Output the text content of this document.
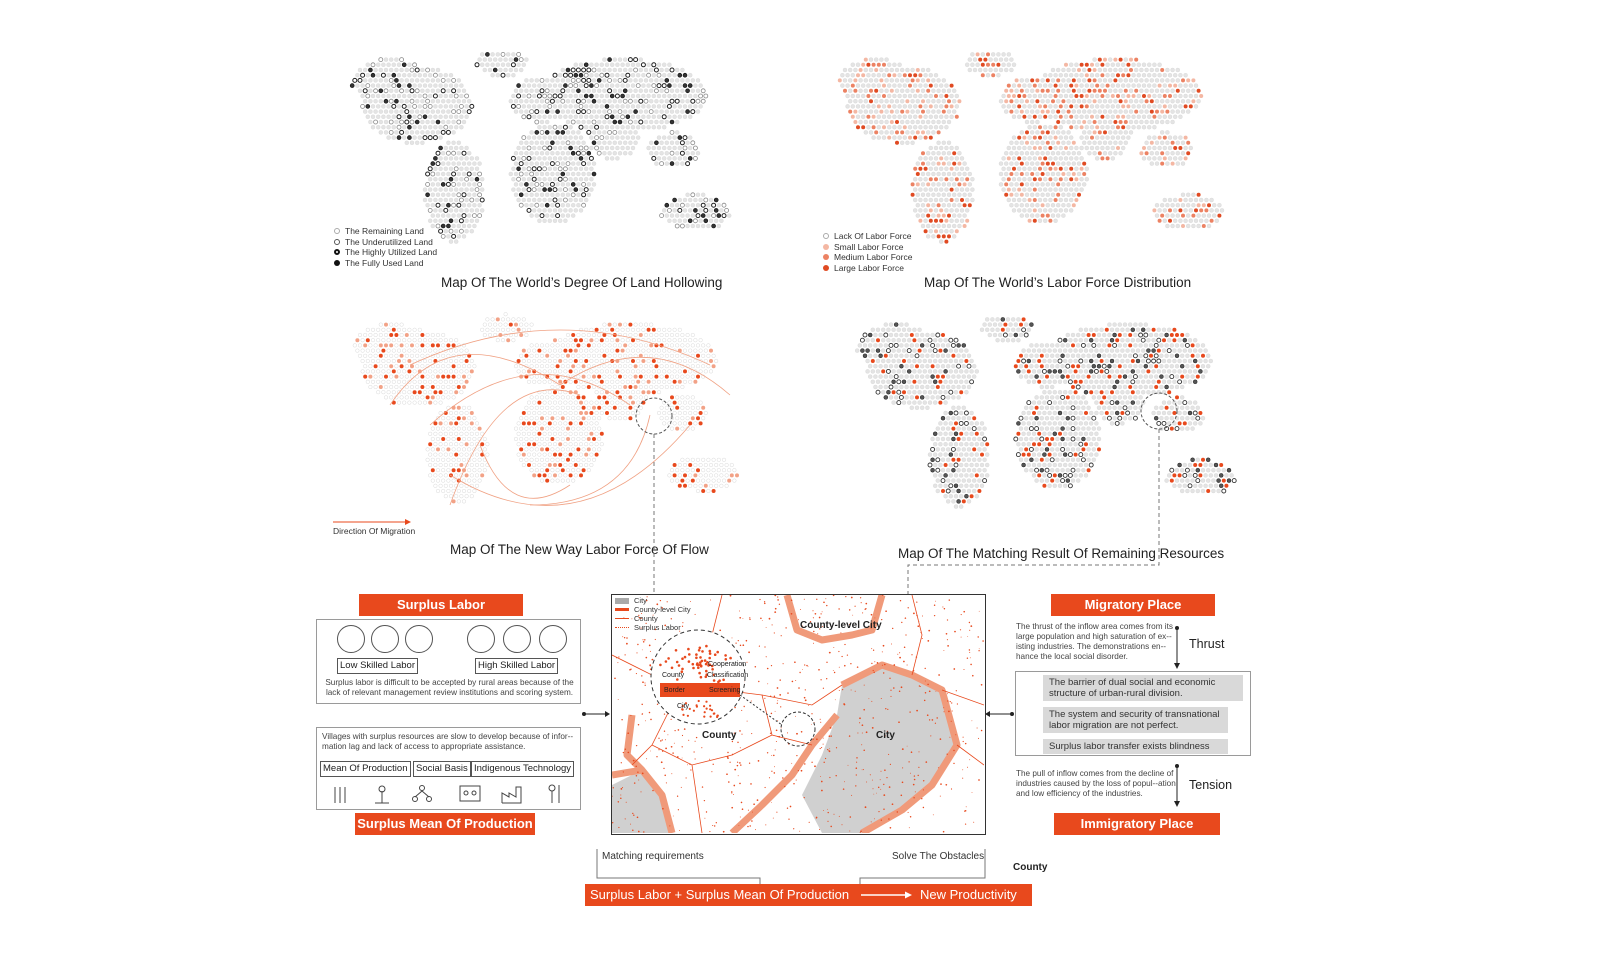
The Remaining Land
The Underutilized Land
The Highly Utilized Land
The Fully Used Land
Map Of The World’s Degree Of Land Hollowing
Lack Of Labor Force
Small Labor Force
Medium Labor Force
Large Labor Force
Map Of The World’s Labor Force Distribution
Direction Of Migration
Map Of The New Way Labor Force Of Flow	Map Of The Matching Result Of Remaining Resources
Surplus Labor
Low Skilled Labor	High Skilled Labor
Surplus labor is difficult to be accepted by rural areas because of the lack of relevant management review institutions and scoring system.
Villages with surplus resources are slow to develop because of infor--mation lag and lack of access to appropriate assistance.
Mean Of Production Social Basis Indigenous Technology
Surplus Mean Of Production
City
County-level City
County
Surplus Labor	County-level City
County	City
County
Cooperation
Classification
Border	Screening
City
Matching requirements	Solve The Obstacles
County
Migratory Place
The thrust of the inflow area comes from its large population and high saturation of ex--isting industries. The demonstrations en--hance the local social disorder.
Thrust
The barrier of dual social and economic structure of urban-rural division.
The system and security of transnational labor migration are not perfect.
Surplus labor transfer exists blindness
The pull of inflow comes from the decline of industries caused by the loss of popul--ation and low efficiency of the industries.
Tension
Immigratory Place
Surplus Labor + Surplus Mean Of Production	New Productivity
